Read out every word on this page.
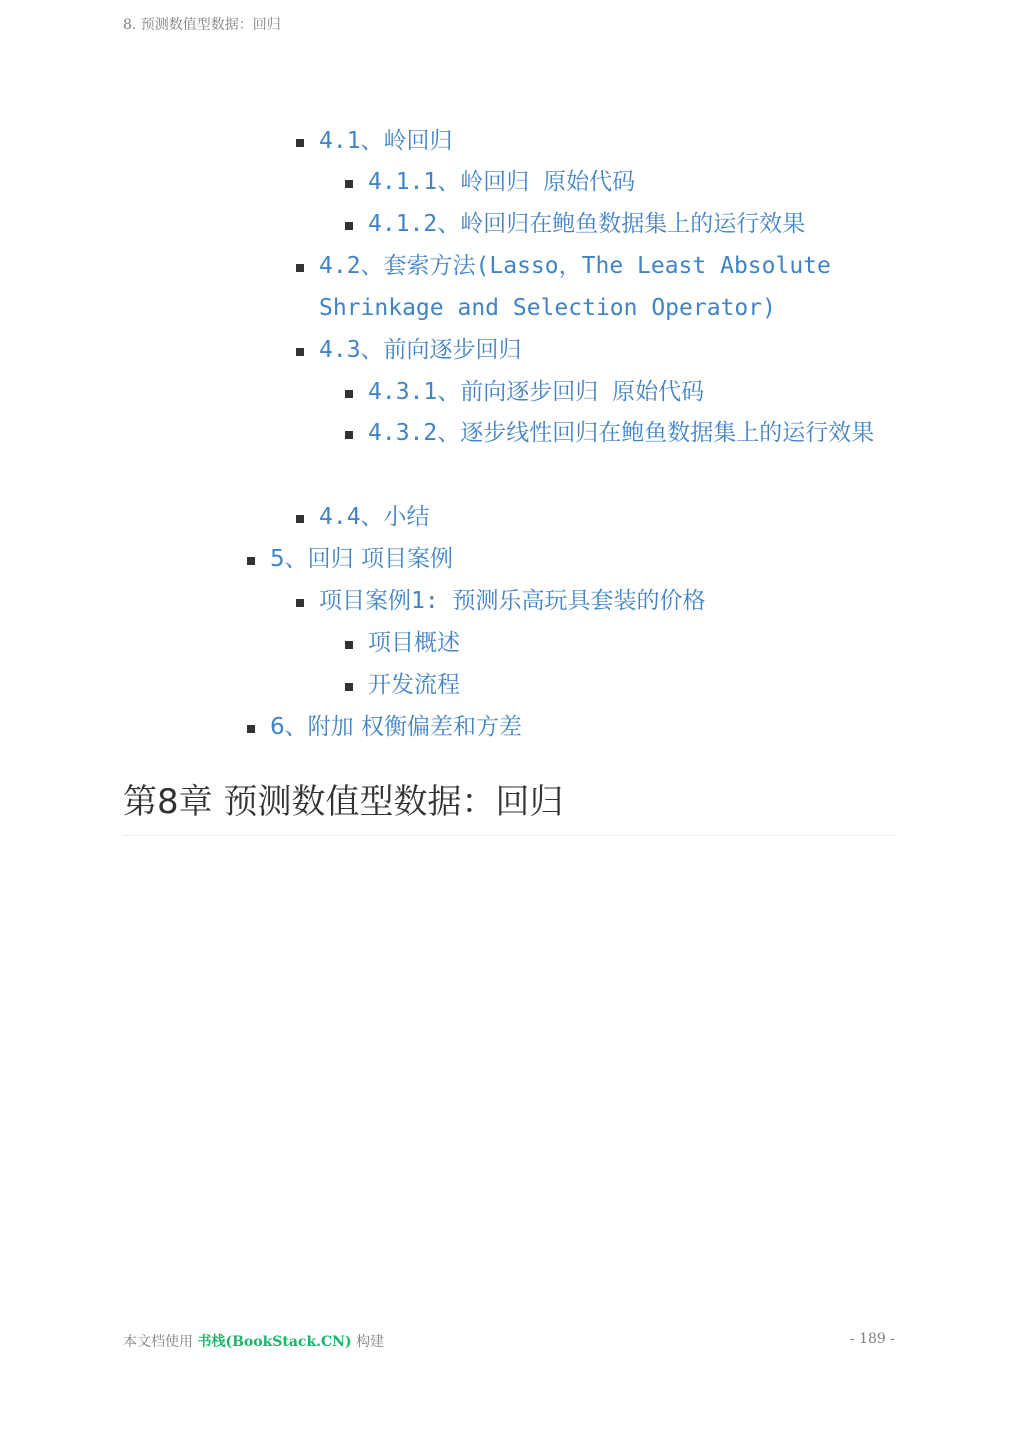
8. 预测数值型数据：回归
4.1、岭回归
4.1.1、岭回归 原始代码
4.1.2、岭回归在鲍鱼数据集上的运行效果
4.2、套索方法(Lasso，The Least Absolute Shrinkage and Selection Operator)
4.3、前向逐步回归
4.3.1、前向逐步回归 原始代码
4.3.2、逐步线性回归在鲍鱼数据集上的运行效果
4.4、小结
5、回归 项目案例
项目案例1: 预测乐高玩具套装的价格
项目概述
开发流程
6、附加 权衡偏差和方差
第8章 预测数值型数据：回归
本文档使用 书栈(BookStack.CN) 构建	- 189 -
